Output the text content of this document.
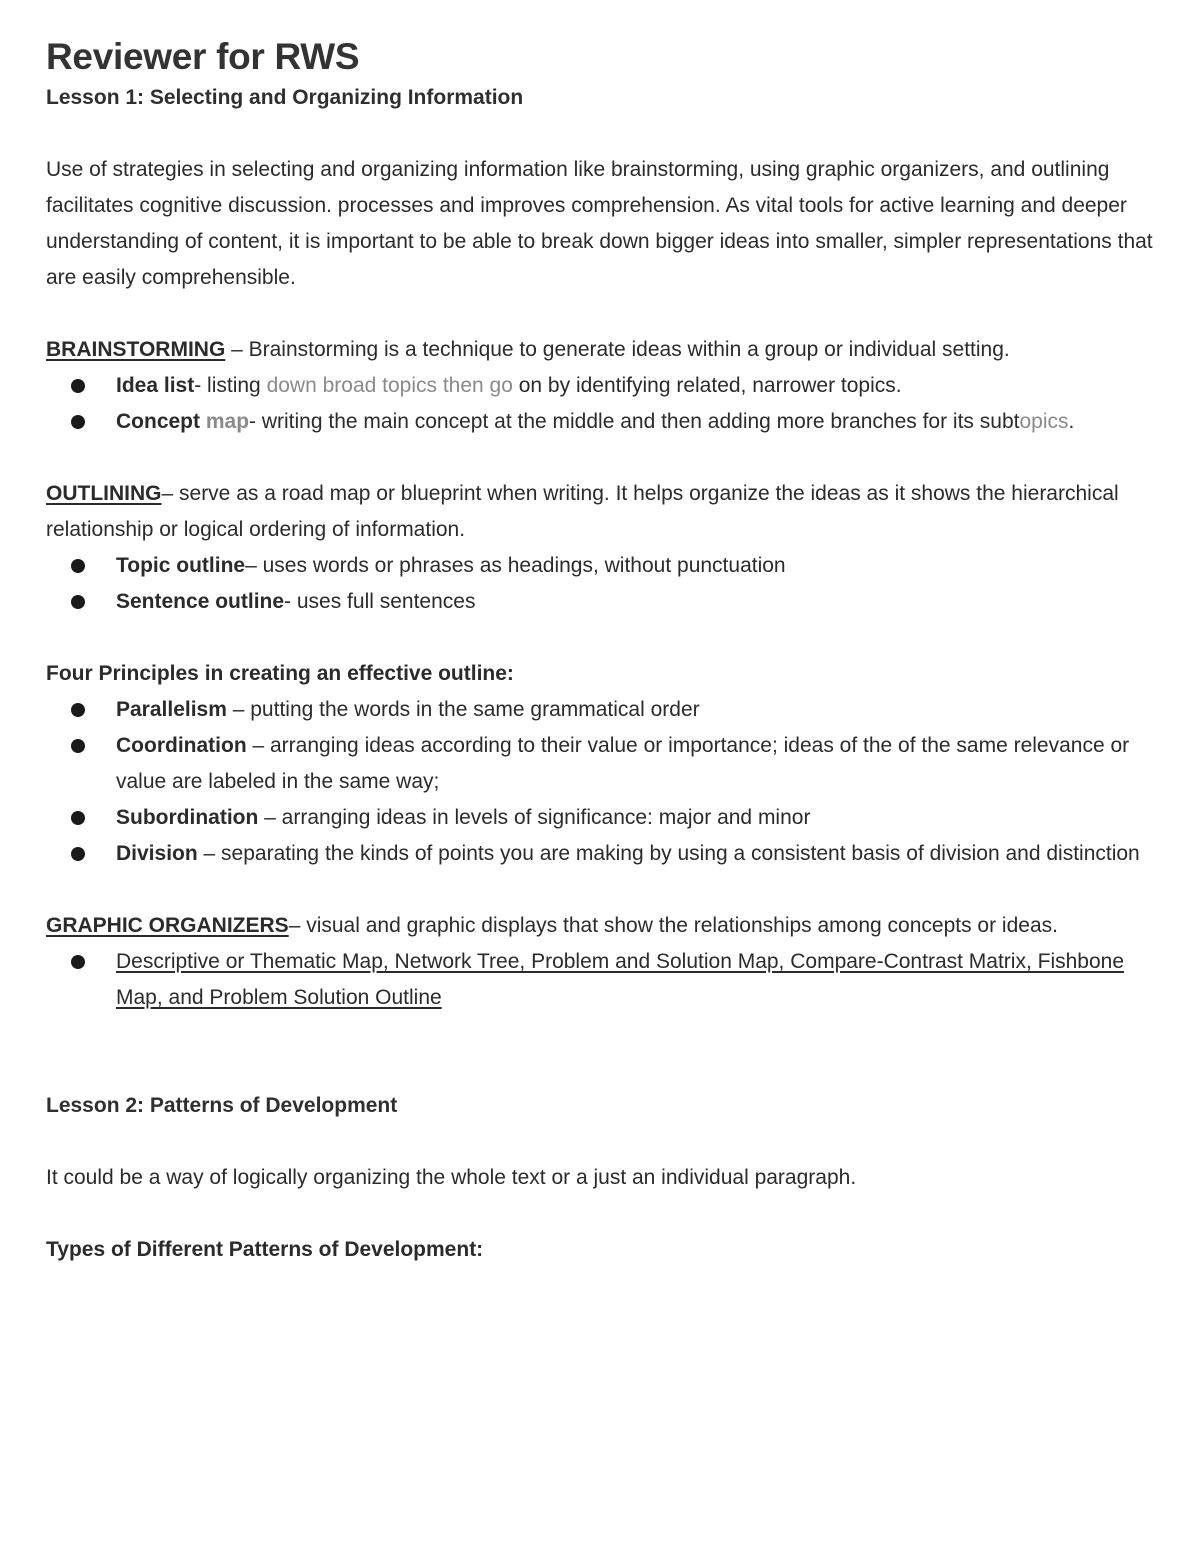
Reviewer for RWS
Lesson 1: Selecting and Organizing Information

Use of strategies in selecting and organizing information like brainstorming, using graphic organizers, and outlining facilitates cognitive discussion. processes and improves comprehension. As vital tools for active learning and deeper understanding of content, it is important to be able to break down bigger ideas into smaller, simpler representations that are easily comprehensible.

BRAINSTORMING – Brainstorming is a technique to generate ideas within a group or individual setting.

Idea list- listing down broad topics then go on by identifying related, narrower topics.
Concept map- writing the main concept at the middle and then adding more branches for its subtopics.

OUTLINING– serve as a road map or blueprint when writing. It helps organize the ideas as it shows the hierarchical relationship or logical ordering of information.

Topic outline– uses words or phrases as headings, without punctuation
Sentence outline- uses full sentences

Four Principles in creating an effective outline:

Parallelism – putting the words in the same grammatical order
Coordination – arranging ideas according to their value or importance; ideas of the of the same relevance or value are labeled in the same way;
Subordination – arranging ideas in levels of significance: major and minor
Division – separating the kinds of points you are making by using a consistent basis of division and distinction

GRAPHIC ORGANIZERS– visual and graphic displays that show the relationships among concepts or ideas.

Descriptive or Thematic Map, Network Tree, Problem and Solution Map, Compare-Contrast Matrix, Fishbone Map, and Problem Solution Outline
Lesson 2: Patterns of Development

It could be a way of logically organizing the whole text or a just an individual paragraph.

Types of Different Patterns of Development:
